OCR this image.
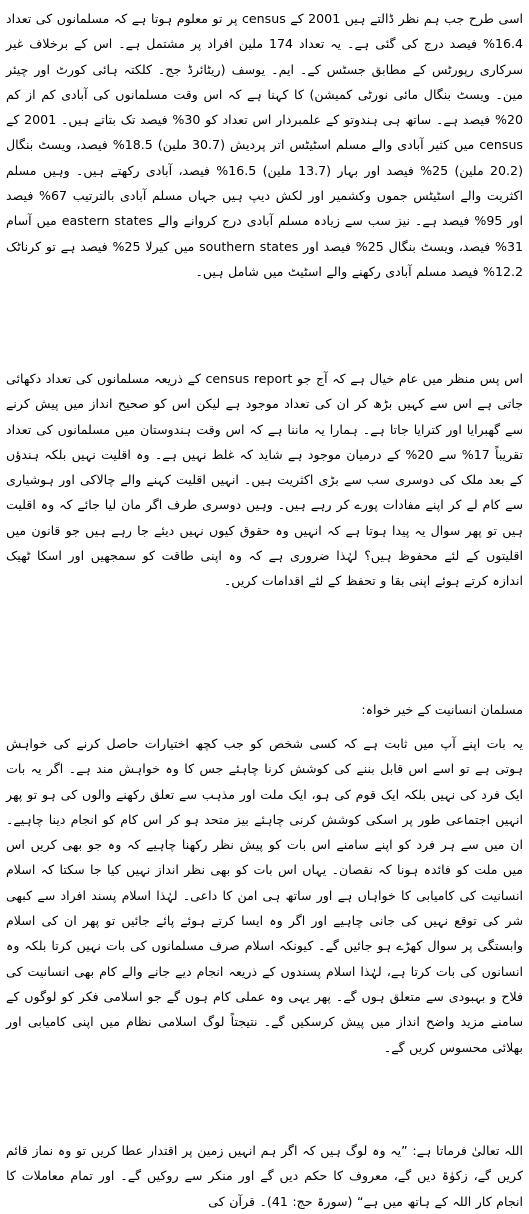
اسی طرح جب ہم نظر ڈالتے ہیں 2001 کے census پر تو معلوم ہوتا ہے کہ مسلمانوں کی تعداد 16.4% فیصد درج کی گئی ہے۔ یہ تعداد 174 ملین افراد پر مشتمل ہے۔ اس کے برخلاف غیر سرکاری رپورٹس کے مطابق جسٹس کے۔ ایم۔ یوسف (ریٹائرڈ جج۔ کلکتہ ہائی کورٹ اور چیئر مین۔ ویسٹ بنگال مائی نورٹی کمیشن) کا کہنا ہے کہ اس وقت مسلمانوں کی آبادی کم از کم 20% فیصد ہے۔ ساتھ ہی ہندوتو کے علمبردار اس تعداد کو 30% فیصد تک بتاتے ہیں۔ 2001 کے census میں کثیر آبادی والے مسلم اسٹیٹس اتر پردیش (30.7 ملین) 18.5% فیصد، ویسٹ بنگال (20.2 ملین) 25% فیصد اور بہار (13.7 ملین) 16.5% فیصد، آبادی رکھتے ہیں۔ وہیں مسلم اکثریت والے اسٹیٹس جموں وکشمیر اور لکش دیپ ہیں جہاں مسلم آبادی بالترتیب 67% فیصد اور 95% فیصد ہے۔ نیز سب سے زیادہ مسلم آبادی درج کروانے والے eastern states میں آسام 31% فیصد، ویسٹ بنگال 25% فیصد اور southern states میں کیرلا 25% فیصد ہے تو کرناٹک 12.2% فیصد مسلم آبادی رکھنے والے اسٹیٹ میں شامل ہیں۔

اس پس منظر میں عام خیال ہے کہ آج جو census report کے ذریعہ مسلمانوں کی تعداد دکھائی جاتی ہے اس سے کہیں بڑھ کر ان کی تعداد موجود ہے لیکن اس کو صحیح انداز میں پیش کرنے سے گھبرایا اور کترایا جاتا ہے۔ ہمارا یہ ماننا ہے کہ اس وقت ہندوستان میں مسلمانوں کی تعداد تقریباً 17% سے 20% کے درمیان موجود ہے شاید کہ غلط نہیں ہے۔ وہ اقلیت نہیں بلکہ ہندؤں کے بعد ملک کی دوسری سب سے بڑی اکثریت ہیں۔ انہیں اقلیت کہنے والے چالاکی اور ہوشیاری سے کام لے کر اپنے مفادات پورے کر رہے ہیں۔ وہیں دوسری طرف اگر مان لیا جائے کہ وہ اقلیت ہیں تو پھر سوال یہ پیدا ہوتا ہے کہ انہیں وہ حقوق کیوں نہیں دیئے جا رہے ہیں جو قانون میں اقلیتوں کے لئے محفوظ ہیں؟ لہٰذا ضروری ہے کہ وہ اپنی طاقت کو سمجھیں اور اسکا ٹھیک اندازہ کرتے ہوئے اپنی بقا و تحفظ کے لئے اقدامات کریں۔

مسلمان انسانیت کے خیر خواہ:

یہ بات اپنے آپ میں ثابت ہے کہ کسی شخص کو جب کچھ اختیارات حاصل کرنے کی خواہش ہوتی ہے تو اسے اس قابل بننے کی کوشش کرنا چاہئے جس کا وہ خواہش مند ہے۔ اگر یہ بات ایک فرد کی نہیں بلکہ ایک قوم کی ہو، ایک ملت اور مذہب سے تعلق رکھنے والوں کی ہو تو پھر انہیں اجتماعی طور پر اسکی کوشش کرنی چاہئے بیز متحد ہو کر اس کام کو انجام دینا چاہیے۔ ان میں سے ہر فرد کو اپنے سامنے اس بات کو پیش نظر رکھنا چاہیے کہ وہ جو بھی کریں اس میں ملت کو فائدہ ہونا کہ نقصان۔ یہاں اس بات کو بھی نظر انداز نہیں کیا جا سکتا کہ اسلام انسانیت کی کامیابی کا خواہاں ہے اور ساتھ ہی امن کا داعی۔ لہٰذا اسلام پسند افراد سے کبھی شر کی توقع نہیں کی جانی چاہیے اور اگر وہ ایسا کرتے ہوئے پائے جائیں تو پھر ان کی اسلام وابستگی پر سوال کھڑے ہو جائیں گے۔ کیونکہ اسلام صرف مسلمانوں کی بات نہیں کرتا بلکہ وہ انسانوں کی بات کرتا ہے، لہٰذا اسلام پسندوں کے ذریعہ انجام دیے جانے والے کام بھی انسانیت کی فلاح و بہبودی سے متعلق ہوں گے۔ پھر یہی وہ عملی کام ہوں گے جو اسلامی فکر کو لوگوں کے سامنے مزید واضح انداز میں پیش کرسکیں گے۔ نتیجتاً لوگ اسلامی نظام میں اپنی کامیابی اور بھلائی محسوس کریں گے۔

اللہ تعالیٰ فرماتا ہے: ”یہ وہ لوگ ہیں کہ اگر ہم انہیں زمین پر اقتدار عطا کریں تو وہ نماز قائم کریں گے، زکوٰۃ دیں گے، معروف کا حکم دیں گے اور منکر سے روکیں گے۔ اور تمام معاملات کا انجام کار اللہ کے ہاتھ میں ہے“ (سورۃ حج: 41)۔ قرآن کی
